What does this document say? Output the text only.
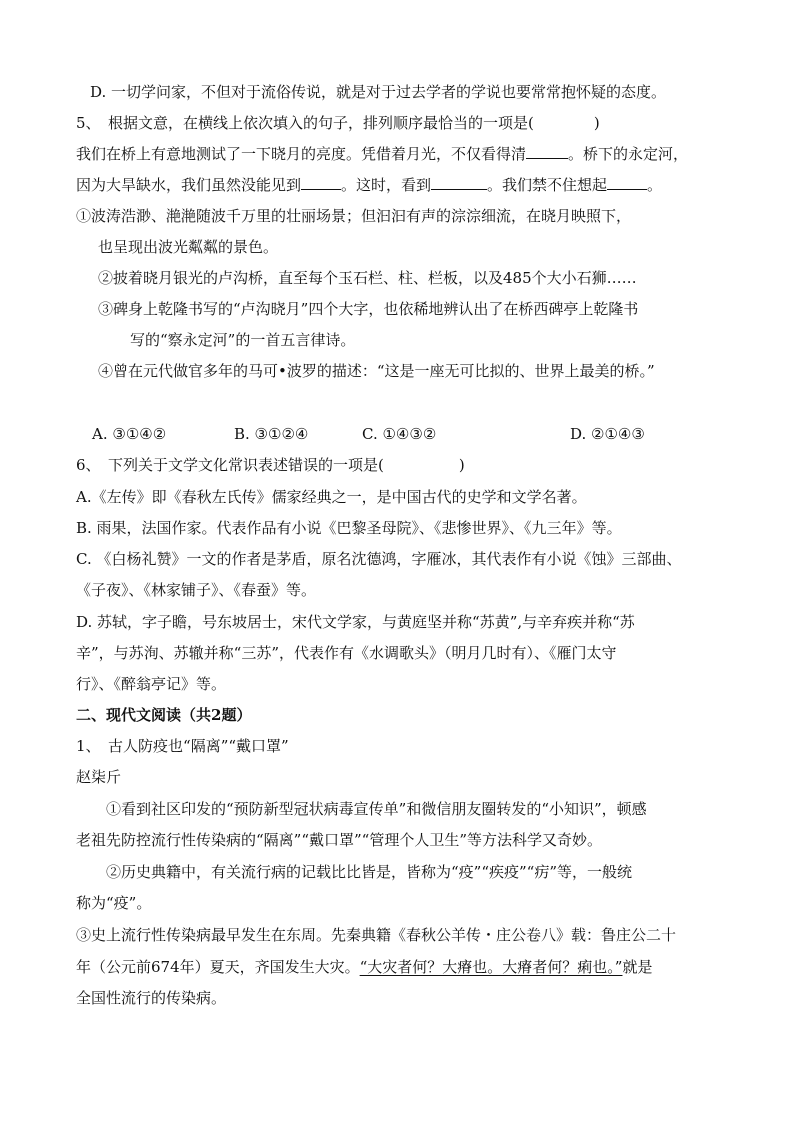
D. 一切学问家，不但对于流俗传说，就是对于过去学者的学说也要常常抱怀疑的态度。
5、　根据文意，在横线上依次填入的句子，排列顺序最恰当的一项是(　　　　)
我们在桥上有意地测试了一下晓月的亮度。凭借着月光，不仅看得清	。桥下的永定河，
因为大旱缺水，我们虽然没能见到	。这时，看到	。我们禁不住想起	。
①波涛浩渺、滟滟随波千万里的壮丽场景；但汩汩有声的淙淙细流，在晓月映照下，
也呈现出波光粼粼的景色。
②披着晓月银光的卢沟桥，直至每个玉石栏、柱、栏板，以及485个大小石狮……
③碑身上乾隆书写的“卢沟晓月”四个大字，也依稀地辨认出了在桥西碑亭上乾隆书
写的“察永定河”的一首五言律诗。
④曾在元代做官多年的马可•波罗的描述：“这是一座无可比拟的、世界上最美的桥。”
A. ③①④②	B. ③①②④	C. ①④③②	D. ②①④③
6、　下列关于文学文化常识表述错误的一项是(　　　　　)
A.《左传》即《春秋左氏传》儒家经典之一，是中国古代的史学和文学名著。
B. 雨果，法国作家。代表作品有小说《巴黎圣母院》、《悲惨世界》、《九三年》等。
C. 《白杨礼赞》一文的作者是茅盾，原名沈德鸿，字雁冰，其代表作有小说《蚀》三部曲、
《子夜》、《林家铺子》、《春蚕》等。
D. 苏轼，字子瞻，号东坡居士，宋代文学家，与黄庭坚并称“苏黄”,与辛弃疾并称“苏
辛”，与苏洵、苏辙并称“三苏”，代表作有《水调歌头》（明月几时有）、《雁门太守
行》、《醉翁亭记》等。
二、现代文阅读（共2题）
1、　古人防疫也“隔离”“戴口罩”
赵柒斤
①看到社区印发的“预防新型冠状病毒宣传单”和微信朋友圈转发的“小知识”，顿感
老祖先防控流行性传染病的“隔离”“戴口罩”“管理个人卫生”等方法科学又奇妙。
②历史典籍中，有关流行病的记载比比皆是，皆称为“疫”“疾疫”“疠”等，一般统
称为“疫”。
③史上流行性传染病最早发生在东周。先秦典籍《春秋公羊传・庄公卷八》载：鲁庄公二十
年（公元前674年）夏天，齐国发生大灾。“大灾者何？大瘠也。大瘠者何？痢也。”就是
全国性流行的传染病。
